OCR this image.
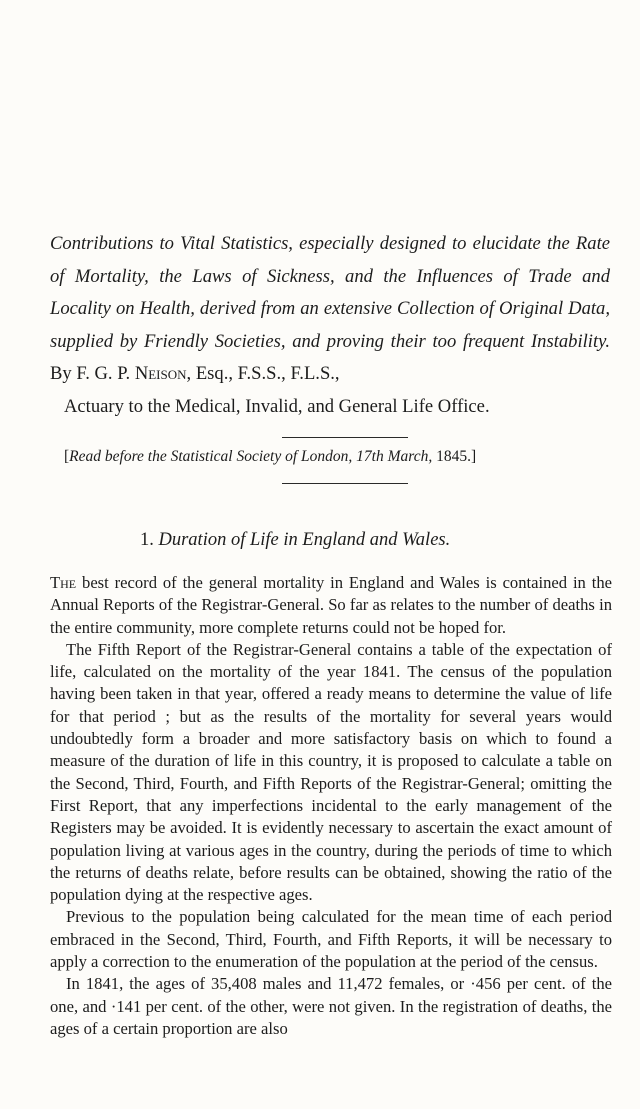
Contributions to Vital Statistics, especially designed to elucidate the Rate of Mortality, the Laws of Sickness, and the Influences of Trade and Locality on Health, derived from an extensive Collection of Original Data, supplied by Friendly Societies, and proving their too frequent Instability. By F. G. P. Neison, Esq., F.S.S., F.L.S.,
Actuary to the Medical, Invalid, and General Life Office.
[Read before the Statistical Society of London, 17th March, 1845.]
1. Duration of Life in England and Wales.

The best record of the general mortality in England and Wales is contained in the Annual Reports of the Registrar-General. So far as relates to the number of deaths in the entire community, more complete returns could not be hoped for.

The Fifth Report of the Registrar-General contains a table of the expectation of life, calculated on the mortality of the year 1841. The census of the population having been taken in that year, offered a ready means to determine the value of life for that period ; but as the results of the mortality for several years would undoubtedly form a broader and more satisfactory basis on which to found a measure of the duration of life in this country, it is proposed to calculate a table on the Second, Third, Fourth, and Fifth Reports of the Registrar-General; omitting the First Report, that any imperfections incidental to the early management of the Registers may be avoided. It is evidently necessary to ascertain the exact amount of population living at various ages in the country, during the periods of time to which the returns of deaths relate, before results can be obtained, showing the ratio of the population dying at the respective ages.

Previous to the population being calculated for the mean time of each period embraced in the Second, Third, Fourth, and Fifth Reports, it will be necessary to apply a correction to the enumeration of the population at the period of the census.

In 1841, the ages of 35,408 males and 11,472 females, or ·456 per cent. of the one, and ·141 per cent. of the other, were not given. In the registration of deaths, the ages of a certain proportion are also
